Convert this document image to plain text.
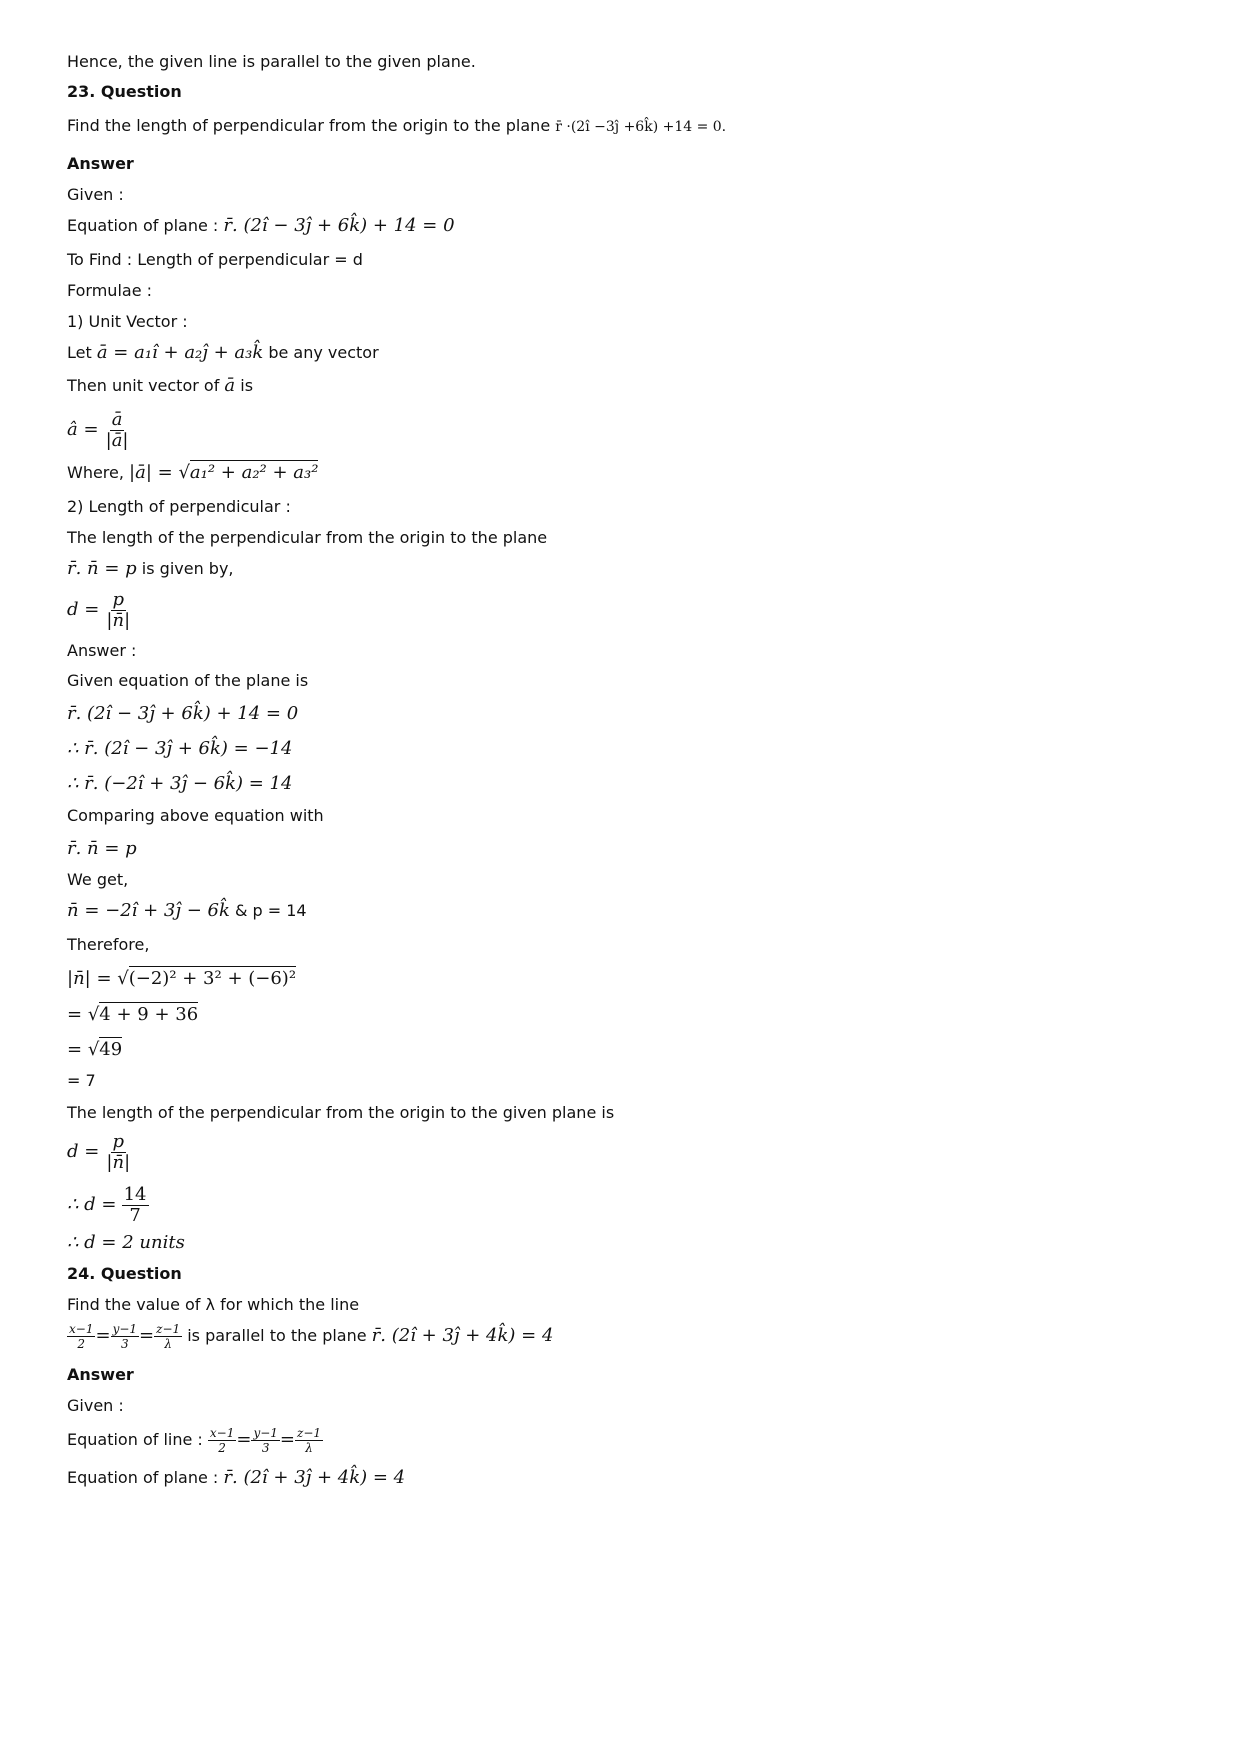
Hence, the given line is parallel to the given plane.
23. Question
Find the length of perpendicular from the origin to the plane r̄ ·(2î −3ĵ +6k̂) +14 = 0.
Answer
Given :
Equation of plane : r̄. (2î − 3ĵ + 6k̂) + 14 = 0
To Find : Length of perpendicular = d
Formulae :
1) Unit Vector :
Let ā = a₁î + a₂ĵ + a₃k̂ be any vector
Then unit vector of ā is
â = $\frac{ā}{|ā|}$
Where, |ā| = √a₁² + a₂² + a₃²
2) Length of perpendicular :
The length of the perpendicular from the origin to the plane
r̄. n̄ = p is given by,
$d = \frac{p}{|n̄|}$
Answer :
Given equation of the plane is
r̄. (2î − 3ĵ + 6k̂) + 14 = 0
∴ r̄. (2î − 3ĵ + 6k̂) = −14
∴ r̄. (−2î + 3ĵ − 6k̂) = 14
Comparing above equation with
r̄. n̄ = p
We get,
n̄ = −2î + 3ĵ − 6k̂ & p = 14
Therefore,
|n̄| = √(−2)² + 3² + (−6)²
= √4 + 9 + 36
= √49
= 7
The length of the perpendicular from the origin to the given plane is
$d = \frac{p}{|n̄|}$
∴ $d = \frac{14}{7}$
∴ d = 2 units
24. Question
Find the value of λ for which the line
$\frac{x-1}{2} = \frac{y-1}{3} = \frac{z-1}{\lambda}$ is parallel to the plane r̄. (2î + 3ĵ + 4k̂) = 4
Answer
Given :
Equation of line : $\frac{x-1}{2} = \frac{y-1}{3} = \frac{z-1}{\lambda}$
Equation of plane : r̄. (2î + 3ĵ + 4k̂) = 4
